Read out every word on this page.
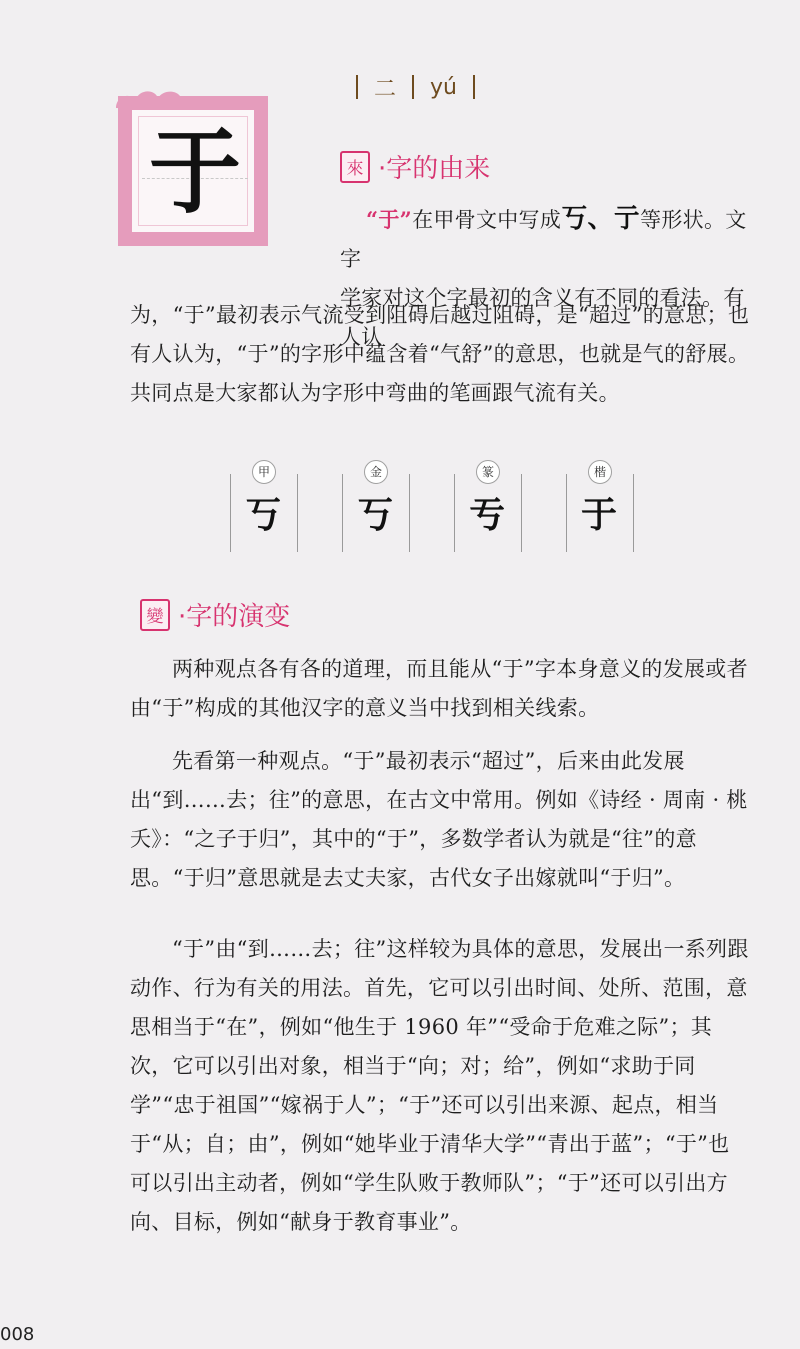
于
二 yú
來 ·字的由来
“于”在甲骨文中写成丂、亍等形状。文字
学家对这个字最初的含义有不同的看法。有人认
为，“于”最初表示气流受到阻碍后越过阻碍，是“超过”的意思；也有人认为，“于”的字形中蕴含着“气舒”的意思，也就是气的舒展。共同点是大家都认为字形中弯曲的笔画跟气流有关。
甲
丂
金
丂
篆
亐
楷
于
變 ·字的演变
两种观点各有各的道理，而且能从“于”字本身意义的发展或者由“于”构成的其他汉字的意义当中找到相关线索。
先看第一种观点。“于”最初表示“超过”，后来由此发展出“到……去；往”的意思，在古文中常用。例如《诗经 · 周南 · 桃夭》：“之子于归”，其中的“于”，多数学者认为就是“往”的意思。“于归”意思就是去丈夫家，古代女子出嫁就叫“于归”。
“于”由“到……去；往”这样较为具体的意思，发展出一系列跟动作、行为有关的用法。首先，它可以引出时间、处所、范围，意思相当于“在”，例如“他生于 1960 年”“受命于危难之际”；其次，它可以引出对象，相当于“向；对；给”，例如“求助于同学”“忠于祖国”“嫁祸于人”；“于”还可以引出来源、起点，相当于“从；自；由”，例如“她毕业于清华大学”“青出于蓝”；“于”也可以引出主动者，例如“学生队败于教师队”；“于”还可以引出方向、目标，例如“献身于教育事业”。
008
